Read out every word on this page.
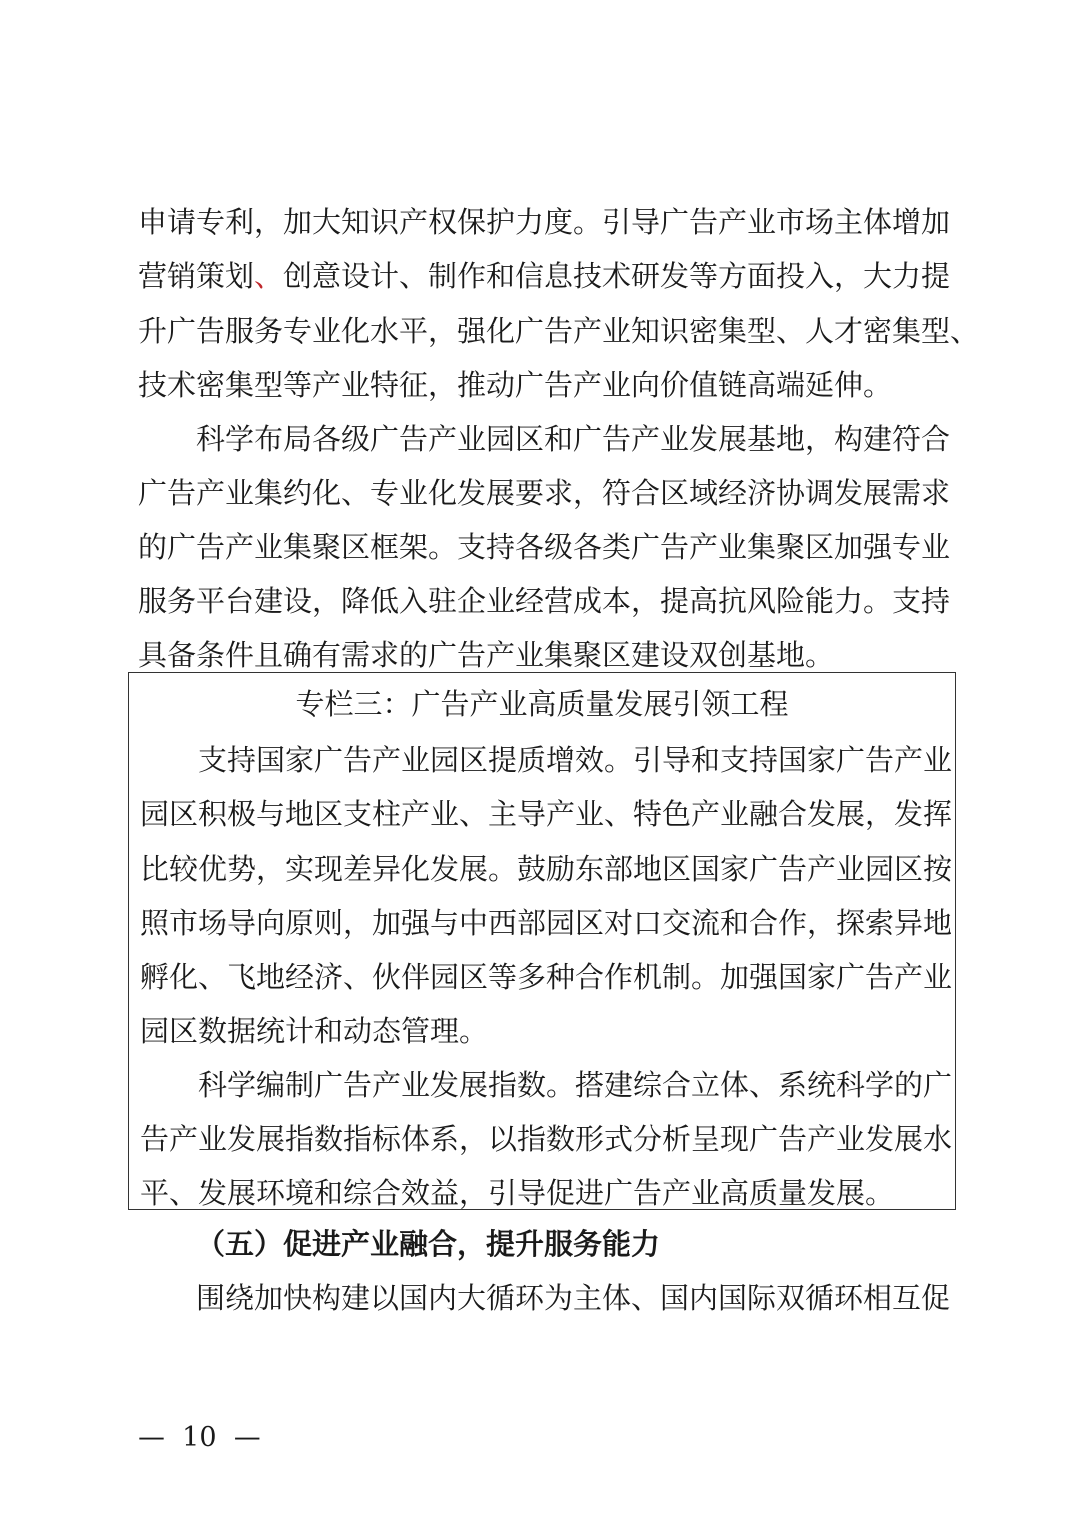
申请专利，加大知识产权保护力度。引导广告产业市场主体增加
营销策划、创意设计、制作和信息技术研发等方面投入，大力提
升广告服务专业化水平，强化广告产业知识密集型、人才密集型、
技术密集型等产业特征，推动广告产业向价值链高端延伸。
科学布局各级广告产业园区和广告产业发展基地，构建符合
广告产业集约化、专业化发展要求，符合区域经济协调发展需求
的广告产业集聚区框架。支持各级各类广告产业集聚区加强专业
服务平台建设，降低入驻企业经营成本，提高抗风险能力。支持
具备条件且确有需求的广告产业集聚区建设双创基地。
专栏三：广告产业高质量发展引领工程
支持国家广告产业园区提质增效。引导和支持国家广告产业
园区积极与地区支柱产业、主导产业、特色产业融合发展，发挥
比较优势，实现差异化发展。鼓励东部地区国家广告产业园区按
照市场导向原则，加强与中西部园区对口交流和合作，探索异地
孵化、飞地经济、伙伴园区等多种合作机制。加强国家广告产业
园区数据统计和动态管理。
科学编制广告产业发展指数。搭建综合立体、系统科学的广
告产业发展指数指标体系，以指数形式分析呈现广告产业发展水
平、发展环境和综合效益，引导促进广告产业高质量发展。
（五）促进产业融合，提升服务能力
围绕加快构建以国内大循环为主体、国内国际双循环相互促
— 10 —
